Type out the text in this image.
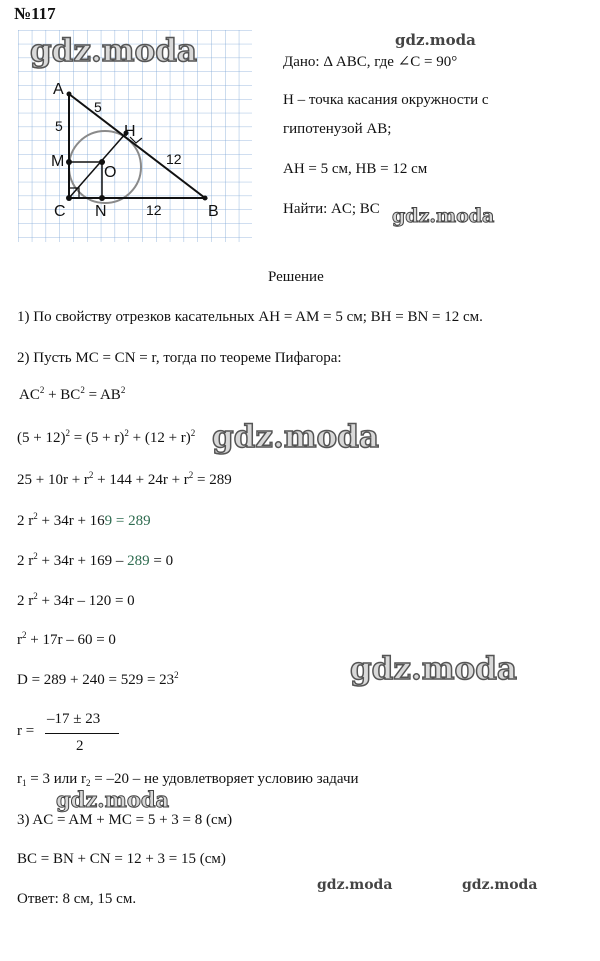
№117
A
B
C
H
M
N
O
5
5
12
12
gdz.moda	gdz.moda
gdz.moda
gdz.moda
gdz.moda
gdz.moda
gdz.moda	gdz.moda
Дано: Δ ABC, где ∠C = 90°
H – точка касания окружности с
гипотенузой AB;
AH = 5 см, HB = 12 см
Найти: AC; BC
Решение
1) По свойству отрезков касательных AH = AM = 5 см; BH = BN = 12 см.
2) Пусть MC = CN = r, тогда по теореме Пифагора:
$AC^2 + BC^2 = AB^2$
$(5 + 12)^2 = (5 + r)^2 + (12 + r)^2$
$25 + 10r + r^2 + 144 + 24r + r^2 = 289$
2 $r^2 + 34r + 169 = 289$
2 $r^2 + 34r + 169 - 289 = 0$
2 $r^2 + 34r - 120 = 0$
$r^2 + 17r - 60 = 0$
$D = 289 + 240 = 529 = 23^2$
r =
–17 ± 23
2
$r_1 = 3$ или $r_2 = -20$ – не удовлетворяет условию задачи
3) AC = AM + MC = 5 + 3 = 8 (см)
BC = BN + CN = 12 + 3 = 15 (см)
Ответ: 8 см, 15 см.
